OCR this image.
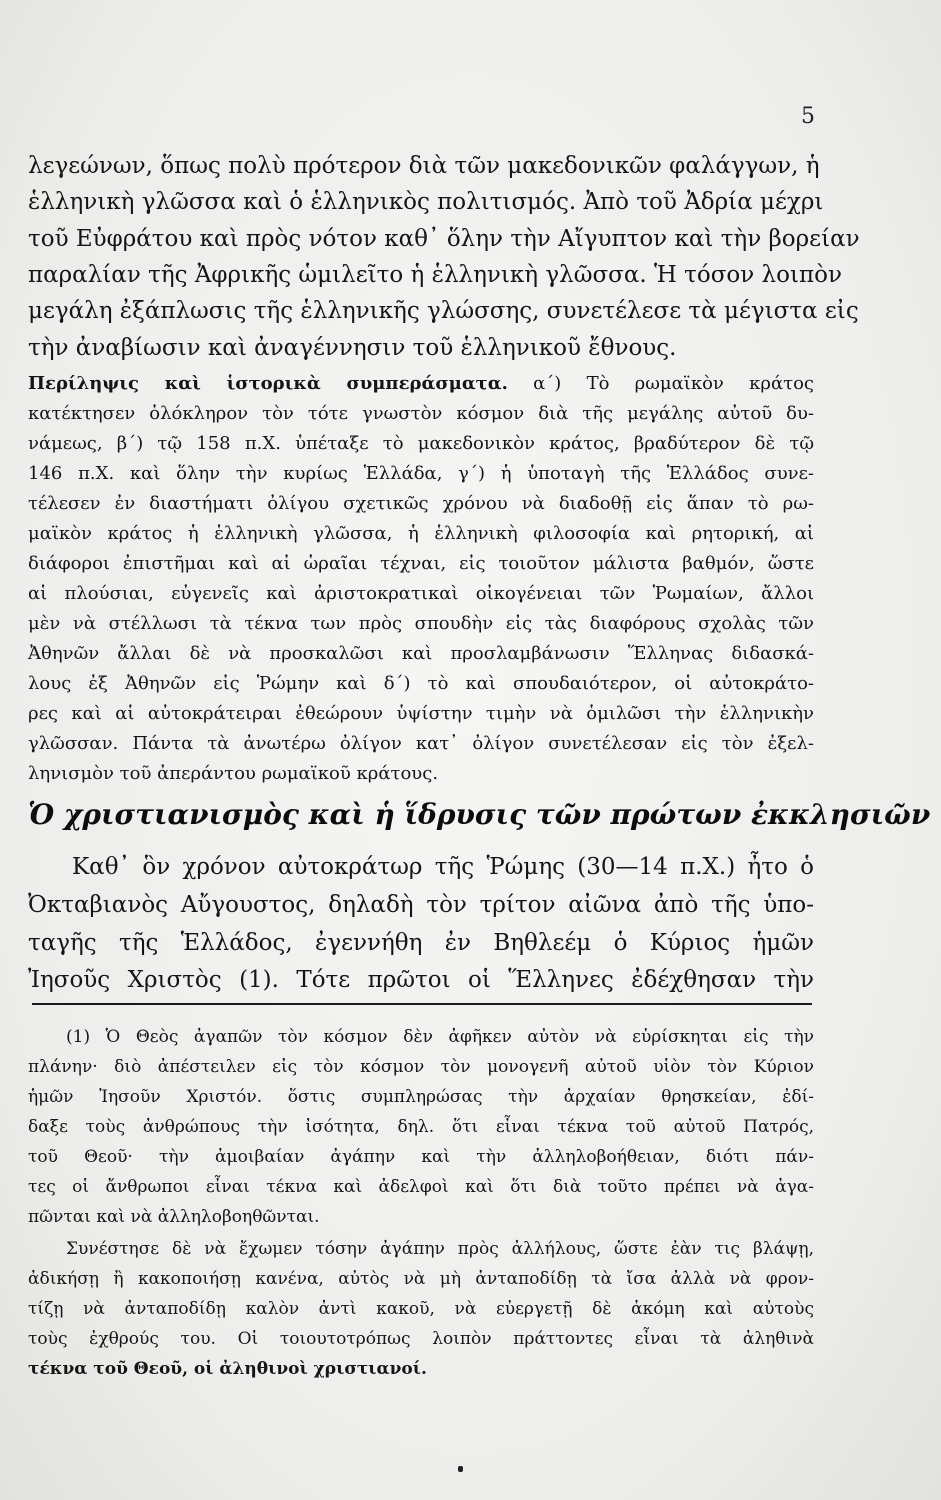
5
λεγεώνων, ὅπως πολὺ πρότερον διὰ τῶν μακεδονικῶν φαλάγγων, ἡ
ἑλληνικὴ γλῶσσα καὶ ὁ ἑλληνικὸς πολιτισμός. Ἀπὸ τοῦ Ἀδρία μέχρι
τοῦ Εὐφράτου καὶ πρὸς νότον καθ᾽ ὅλην τὴν Αἴγυπτον καὶ τὴν βορείαν
παραλίαν τῆς Ἀφρικῆς ὡμιλεῖτο ἡ ἑλληνικὴ γλῶσσα. Ἡ τόσον λοιπὸν
μεγάλη ἐξάπλωσις τῆς ἑλληνικῆς γλώσσης, συνετέλεσε τὰ μέγιστα εἰς
τὴν ἀναβίωσιν καὶ ἀναγέννησιν τοῦ ἑλληνικοῦ ἔθνους.
Περίληψις καὶ ἱστορικὰ συμπεράσματα. α΄) Τὸ ρωμαϊκὸν κράτος
κατέκτησεν ὁλόκληρον τὸν τότε γνωστὸν κόσμον διὰ τῆς μεγάλης αὐτοῦ δυ-
νάμεως, β΄) τῷ 158 π.Χ. ὑπέταξε τὸ μακεδονικὸν κράτος, βραδύτερον δὲ τῷ
146 π.Χ. καὶ ὅλην τὴν κυρίως Ἑλλάδα, γ΄) ἡ ὑποταγὴ τῆς Ἑλλάδος συνε-
τέλεσεν ἐν διαστήματι ὀλίγου σχετικῶς χρόνου νὰ διαδοθῇ εἰς ἅπαν τὸ ρω-
μαϊκὸν κράτος ἡ ἑλληνικὴ γλῶσσα, ἡ ἑλληνικὴ φιλοσοφία καὶ ρητορική, αἱ
διάφοροι ἐπιστῆμαι καὶ αἱ ὡραῖαι τέχναι, εἰς τοιοῦτον μάλιστα βαθμόν, ὥστε
αἱ πλούσιαι, εὐγενεῖς καὶ ἀριστοκρατικαὶ οἰκογένειαι τῶν Ῥωμαίων, ἄλλοι
μὲν νὰ στέλλωσι τὰ τέκνα των πρὸς σπουδὴν εἰς τὰς διαφόρους σχολὰς τῶν
Ἀθηνῶν ἄλλαι δὲ νὰ προσκαλῶσι καὶ προσλαμβάνωσιν Ἕλληνας διδασκά-
λους ἐξ Ἀθηνῶν εἰς Ῥώμην καὶ δ΄) τὸ καὶ σπουδαιότερον, οἱ αὐτοκράτο-
ρες καὶ αἱ αὐτοκράτειραι ἐθεώρουν ὑψίστην τιμὴν νὰ ὁμιλῶσι τὴν ἑλληνικὴν
γλῶσσαν. Πάντα τὰ ἀνωτέρω ὀλίγον κατ᾽ ὀλίγον συνετέλεσαν εἰς τὸν ἐξελ-
ληνισμὸν τοῦ ἀπεράντου ρωμαϊκοῦ κράτους.
Ὁ χριστιανισμὸς καὶ ἡ ἵδρυσις τῶν πρώτων ἐκκλησιῶν
Καθ᾽ ὃν χρόνον αὐτοκράτωρ τῆς Ῥώμης (30—14 π.Χ.) ἦτο ὁ
Ὀκταβιανὸς Αὔγουστος, δηλαδὴ τὸν τρίτον αἰῶνα ἀπὸ τῆς ὑπο-
ταγῆς τῆς Ἑλλάδος, ἐγεννήθη ἐν Βηθλεέμ ὁ Κύριος ἡμῶν
Ἰησοῦς Χριστὸς (1). Τότε πρῶτοι οἱ Ἕλληνες ἐδέχθησαν τὴν
(1) Ὁ Θεὸς ἀγαπῶν τὸν κόσμον δὲν ἀφῆκεν αὐτὸν νὰ εὑρίσκηται εἰς τὴν
πλάνην· διὸ ἀπέστειλεν εἰς τὸν κόσμον τὸν μονογενῆ αὐτοῦ υἱὸν τὸν Κύριον
ἡμῶν Ἰησοῦν Χριστόν. ὅστις συμπληρώσας τὴν ἀρχαίαν θρησκείαν, ἐδί-
δαξε τοὺς ἀνθρώπους τὴν ἰσότητα, δηλ. ὅτι εἶναι τέκνα τοῦ αὐτοῦ Πατρός,
τοῦ Θεοῦ· τὴν ἀμοιβαίαν ἀγάπην καὶ τὴν ἀλληλοβοήθειαν, διότι πάν-
τες οἱ ἄνθρωποι εἶναι τέκνα καὶ ἀδελφοὶ καὶ ὅτι διὰ τοῦτο πρέπει νὰ ἀγα-
πῶνται καὶ νὰ ἀλληλοβοηθῶνται.
Συνέστησε δὲ νὰ ἔχωμεν τόσην ἀγάπην πρὸς ἀλλήλους, ὥστε ἐὰν τις βλάψῃ,
ἀδικήσῃ ἢ κακοποιήσῃ κανένα, αὐτὸς νὰ μὴ ἀνταποδίδῃ τὰ ἴσα ἀλλὰ νὰ φρον-
τίζῃ νὰ ἀνταποδίδῃ καλὸν ἀντὶ κακοῦ, νὰ εὐεργετῇ δὲ ἀκόμη καὶ αὐτοὺς
τοὺς ἐχθρούς του. Οἱ τοιουτοτρόπως λοιπὸν πράττοντες εἶναι τὰ ἀληθινὰ
τέκνα τοῦ Θεοῦ, οἱ ἀληθινοὶ χριστιανοί.
